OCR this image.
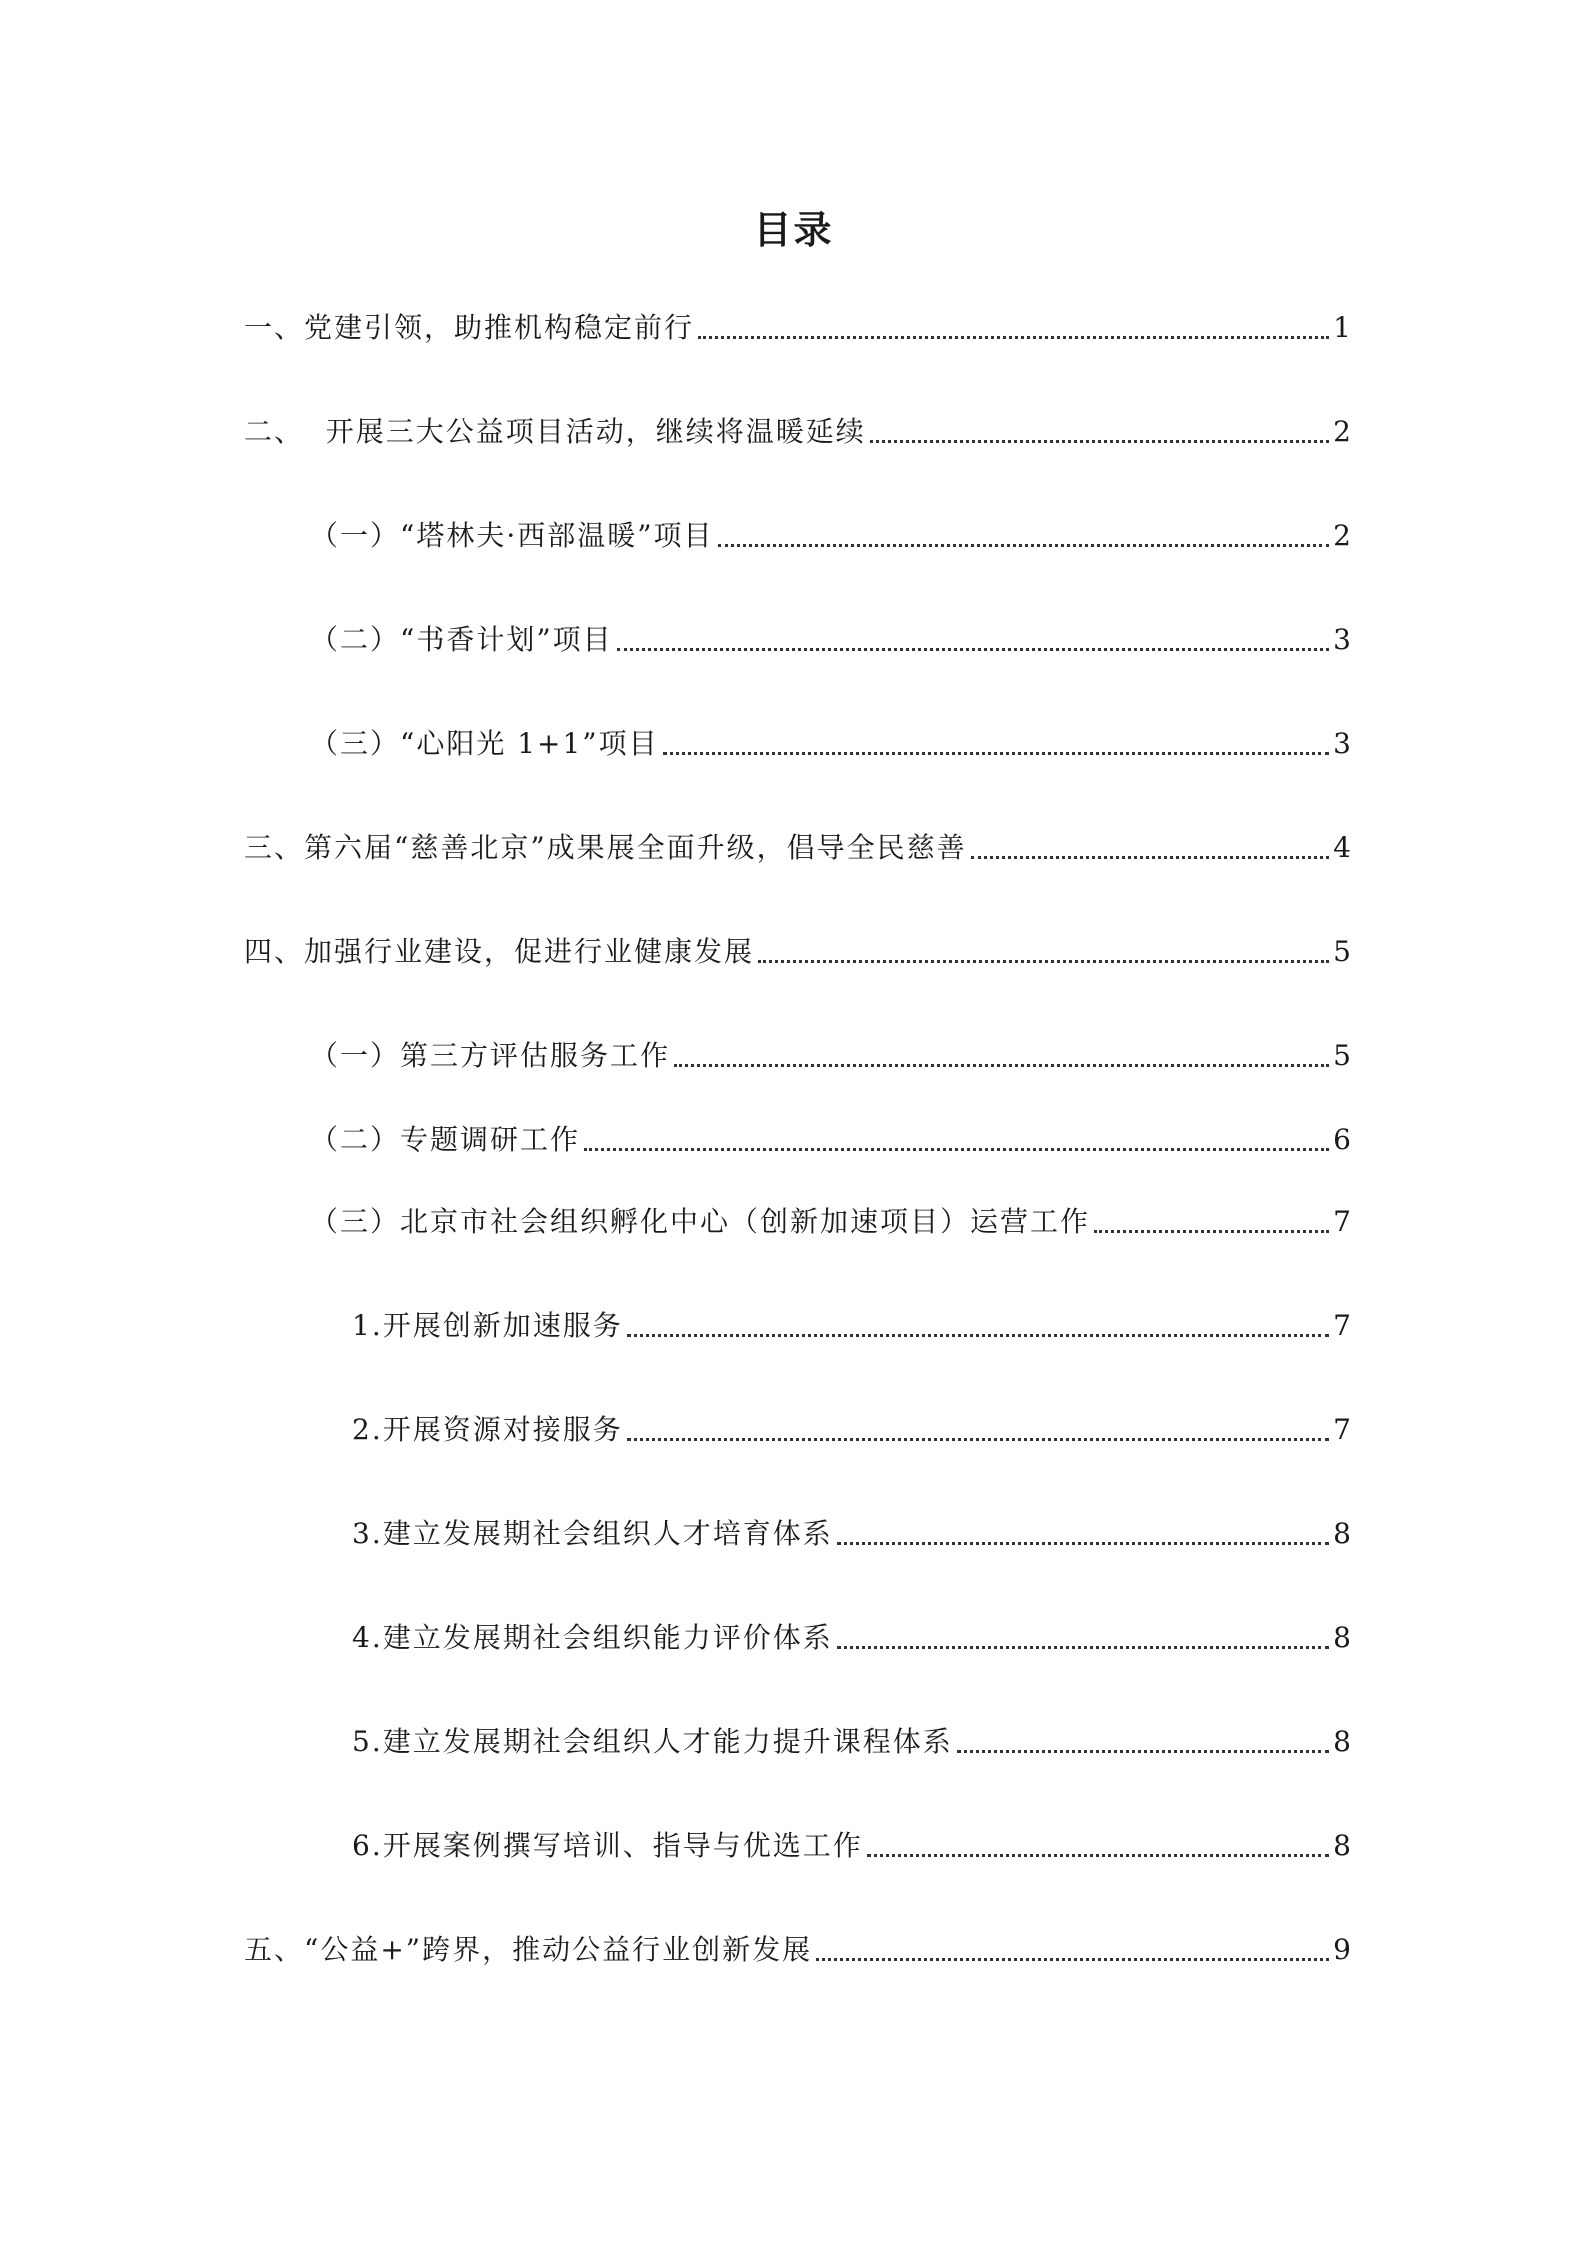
目录
一、党建引领，助推机构稳定前行	1
二、  开展三大公益项目活动，继续将温暖延续	2
（一）“塔林夫·西部温暖”项目	2
（二）“书香计划”项目	3
（三）“心阳光 1+1”项目	3
三、第六届“慈善北京”成果展全面升级，倡导全民慈善	4
四、加强行业建设，促进行业健康发展	5
（一）第三方评估服务工作	5
（二）专题调研工作	6
（三）北京市社会组织孵化中心（创新加速项目）运营工作	7
1.开展创新加速服务	7
2.开展资源对接服务	7
3.建立发展期社会组织人才培育体系	8
4.建立发展期社会组织能力评价体系	8
5.建立发展期社会组织人才能力提升课程体系	8
6.开展案例撰写培训、指导与优选工作	8
五、“公益+”跨界，推动公益行业创新发展	9
